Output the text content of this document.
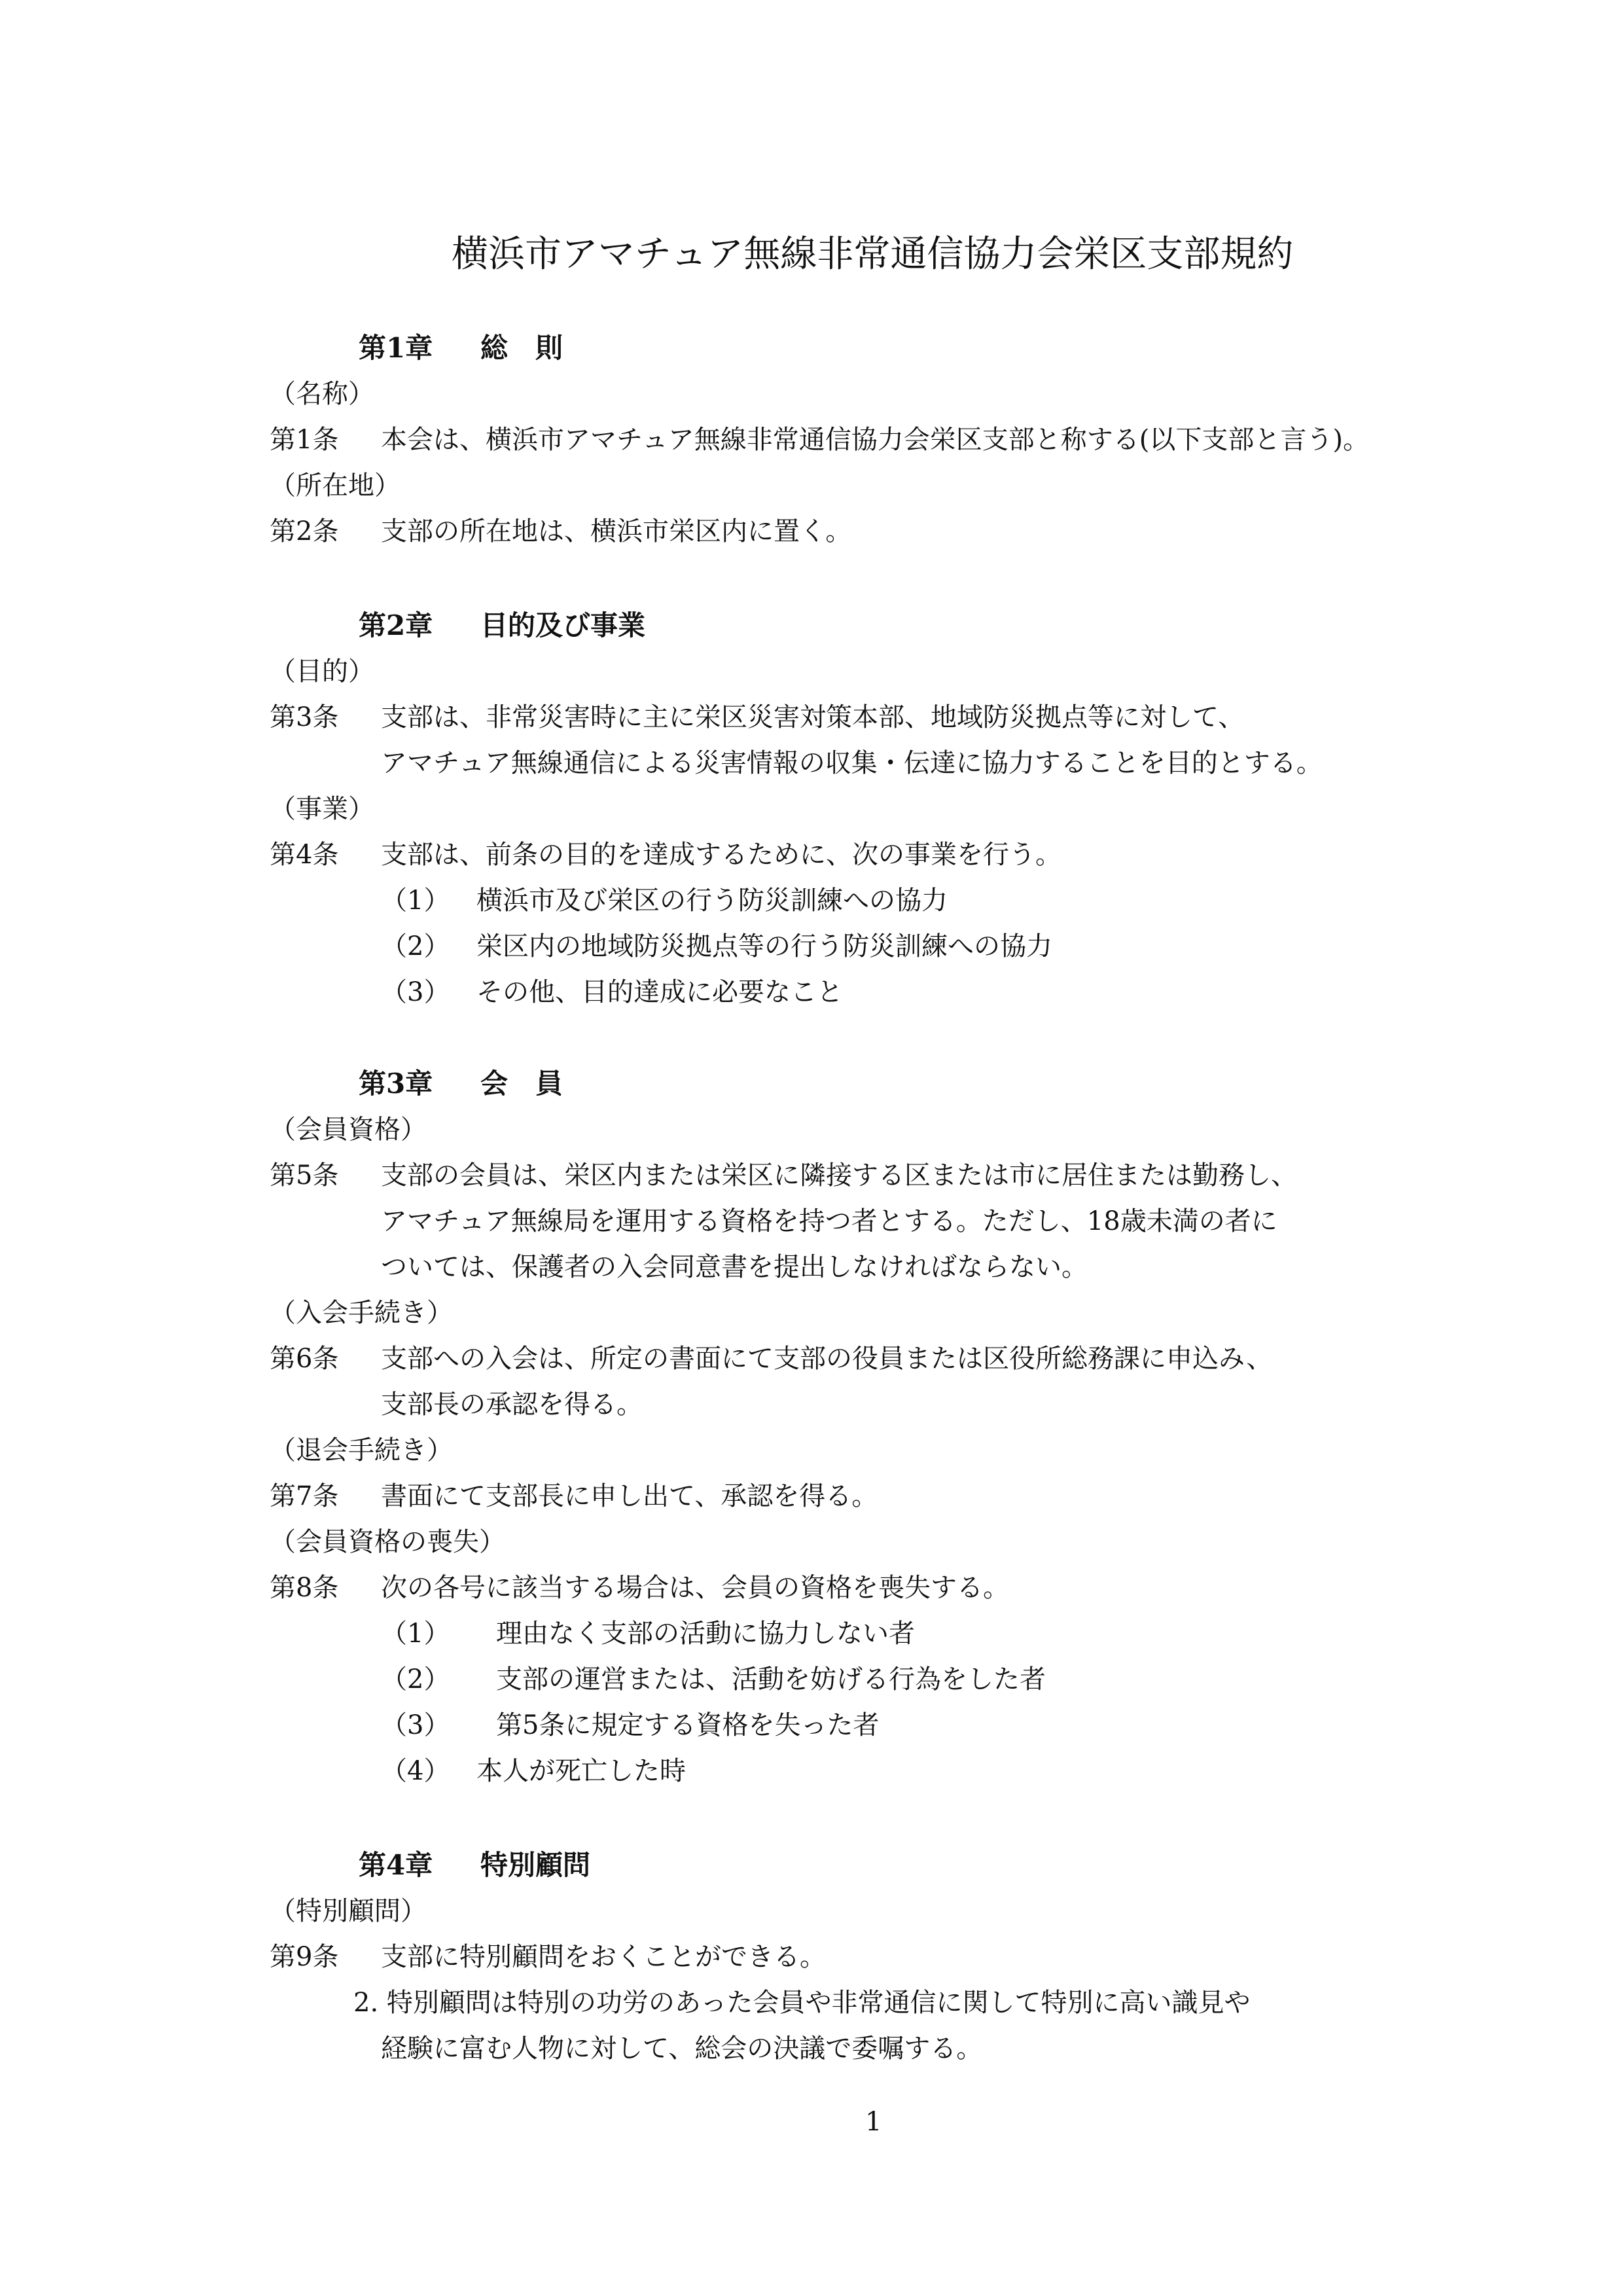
横浜市アマチュア無線非常通信協力会栄区支部規約
第1章 総　則
（名称）
第1条 本会は、横浜市アマチュア無線非常通信協力会栄区支部と称する(以下支部と言う)。
（所在地）
第2条 支部の所在地は、横浜市栄区内に置く。
第2章 目的及び事業
（目的）
第3条 支部は、非常災害時に主に栄区災害対策本部、地域防災拠点等に対して、
アマチュア無線通信による災害情報の収集・伝達に協力することを目的とする。
（事業）
第4条 支部は、前条の目的を達成するために、次の事業を行う。
（1） 横浜市及び栄区の行う防災訓練への協力
（2） 栄区内の地域防災拠点等の行う防災訓練への協力
（3） その他、目的達成に必要なこと
第3章 会　員
（会員資格）
第5条 支部の会員は、栄区内または栄区に隣接する区または市に居住または勤務し、
アマチュア無線局を運用する資格を持つ者とする。ただし、18歳未満の者に
ついては、保護者の入会同意書を提出しなければならない。
（入会手続き）
第6条 支部への入会は、所定の書面にて支部の役員または区役所総務課に申込み、
支部長の承認を得る。
（退会手続き）
第7条 書面にて支部長に申し出て、承認を得る。
（会員資格の喪失）
第8条 次の各号に該当する場合は、会員の資格を喪失する。
（1） 理由なく支部の活動に協力しない者
（2） 支部の運営または、活動を妨げる行為をした者
（3） 第5条に規定する資格を失った者
（4） 本人が死亡した時
第4章 特別顧問
（特別顧問）
第9条 支部に特別顧問をおくことができる。
2. 特別顧問は特別の功労のあった会員や非常通信に関して特別に高い識見や
経験に富む人物に対して、総会の決議で委嘱する。
1
